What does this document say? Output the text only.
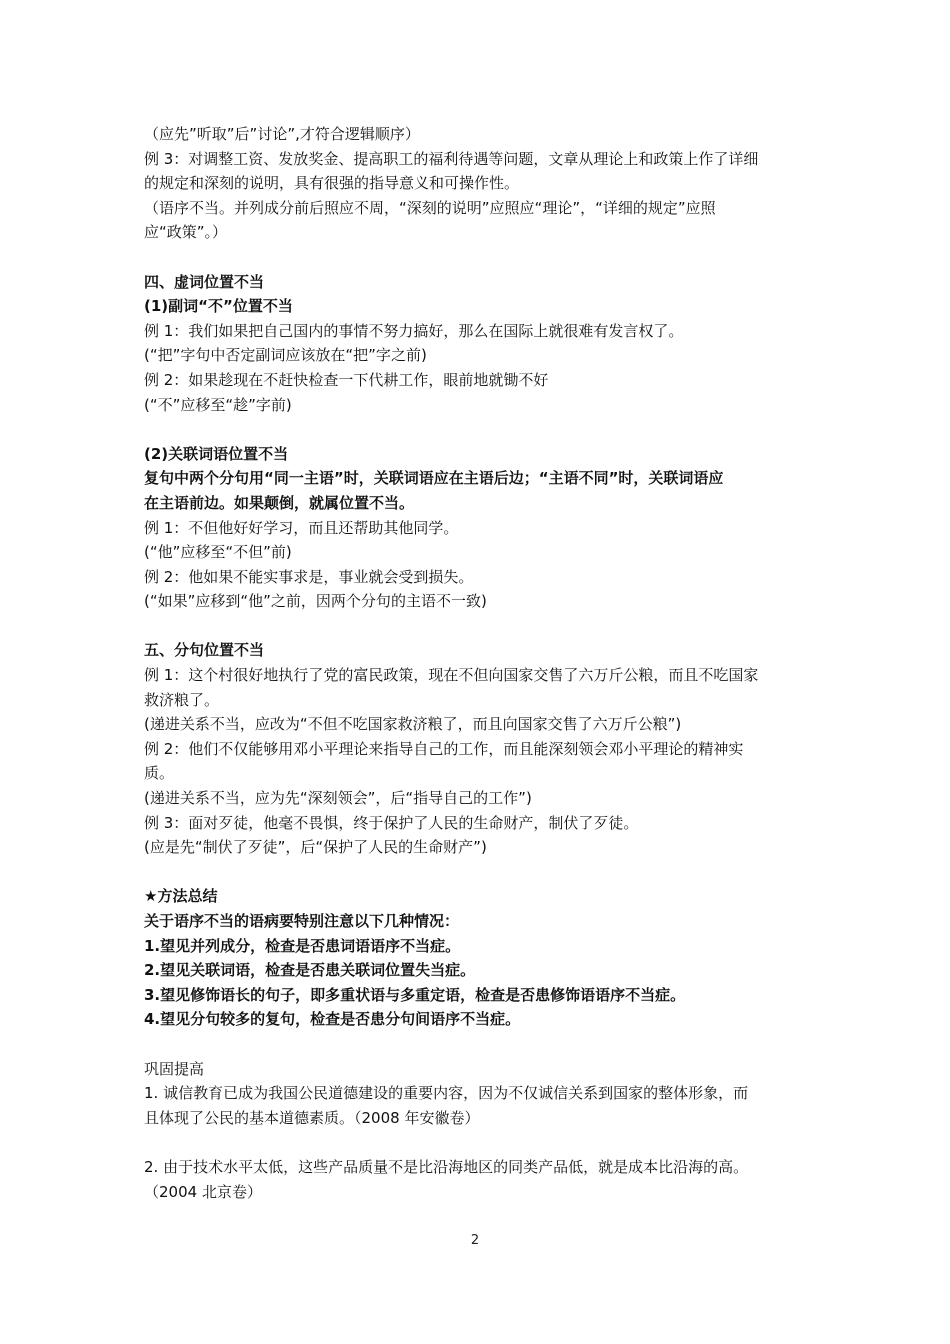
（应先”听取”后”讨论”,才符合逻辑顺序）

例 3：对调整工资、发放奖金、提高职工的福利待遇等问题，文章从理论上和政策上作了详细

的规定和深刻的说明，具有很强的指导意义和可操作性。

（语序不当。并列成分前后照应不周，“深刻的说明”应照应“理论”，“详细的规定”应照

应“政策”。）

四、虚词位置不当

(1)副词“不”位置不当

例 1：我们如果把自己国内的事情不努力搞好，那么在国际上就很难有发言权了。

(“把”字句中否定副词应该放在“把”字之前)

例 2：如果趁现在不赶快检查一下代耕工作，眼前地就锄不好

(“不”应移至“趁”字前)

(2)关联词语位置不当

复句中两个分句用“同一主语”时，关联词语应在主语后边；“主语不同”时，关联词语应

在主语前边。如果颠倒，就属位置不当。

例 1：不但他好好学习，而且还帮助其他同学。

(“他”应移至“不但”前)

例 2：他如果不能实事求是，事业就会受到损失。

(“如果”应移到“他”之前，因两个分句的主语不一致)

五、分句位置不当

例 1：这个村很好地执行了党的富民政策，现在不但向国家交售了六万斤公粮，而且不吃国家

救济粮了。

(递进关系不当，应改为“不但不吃国家救济粮了，而且向国家交售了六万斤公粮”)

例 2：他们不仅能够用邓小平理论来指导自己的工作，而且能深刻领会邓小平理论的精神实

质。

(递进关系不当，应为先“深刻领会”，后“指导自己的工作”)

例 3：面对歹徒，他毫不畏惧，终于保护了人民的生命财产，制伏了歹徒。

(应是先“制伏了歹徒”，后“保护了人民的生命财产”)

★方法总结

关于语序不当的语病要特别注意以下几种情况：

1.望见并列成分，检查是否患词语语序不当症。

2.望见关联词语，检查是否患关联词位置失当症。

3.望见修饰语长的句子，即多重状语与多重定语，检查是否患修饰语语序不当症。

4.望见分句较多的复句，检查是否患分句间语序不当症。

巩固提高

1. 诚信教育已成为我国公民道德建设的重要内容，因为不仅诚信关系到国家的整体形象，而

且体现了公民的基本道德素质。（2008 年安徽卷）

2. 由于技术水平太低，这些产品质量不是比沿海地区的同类产品低，就是成本比沿海的高。

（2004 北京卷）

2
